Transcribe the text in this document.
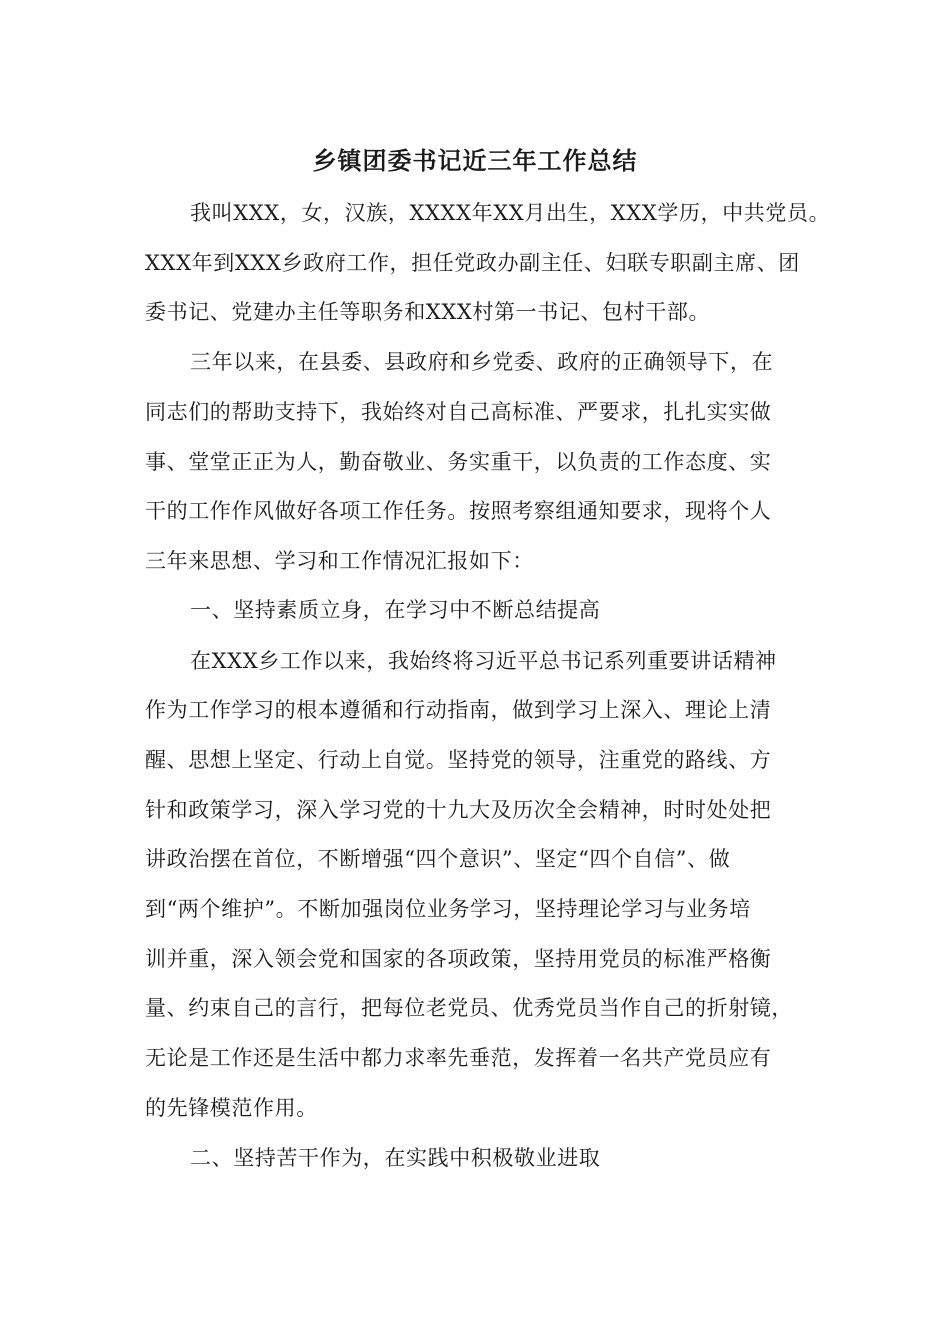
乡镇团委书记近三年工作总结
我叫XXX，女，汉族，XXXX年XX月出生，XXX学历，中共党员。
XXX年到XXX乡政府工作，担任党政办副主任、妇联专职副主席、团
委书记、党建办主任等职务和XXX村第一书记、包村干部。
三年以来，在县委、县政府和乡党委、政府的正确领导下，在
同志们的帮助支持下，我始终对自己高标准、严要求，扎扎实实做
事、堂堂正正为人，勤奋敬业、务实重干，以负责的工作态度、实
干的工作作风做好各项工作任务。按照考察组通知要求，现将个人
三年来思想、学习和工作情况汇报如下：
一、坚持素质立身，在学习中不断总结提高
在XXX乡工作以来，我始终将习近平总书记系列重要讲话精神
作为工作学习的根本遵循和行动指南，做到学习上深入、理论上清
醒、思想上坚定、行动上自觉。坚持党的领导，注重党的路线、方
针和政策学习，深入学习党的十九大及历次全会精神，时时处处把
讲政治摆在首位，不断增强“四个意识”、坚定“四个自信”、做
到“两个维护”。不断加强岗位业务学习，坚持理论学习与业务培
训并重，深入领会党和国家的各项政策，坚持用党员的标准严格衡
量、约束自己的言行，把每位老党员、优秀党员当作自己的折射镜，
无论是工作还是生活中都力求率先垂范，发挥着一名共产党员应有
的先锋模范作用。
二、坚持苦干作为，在实践中积极敬业进取
